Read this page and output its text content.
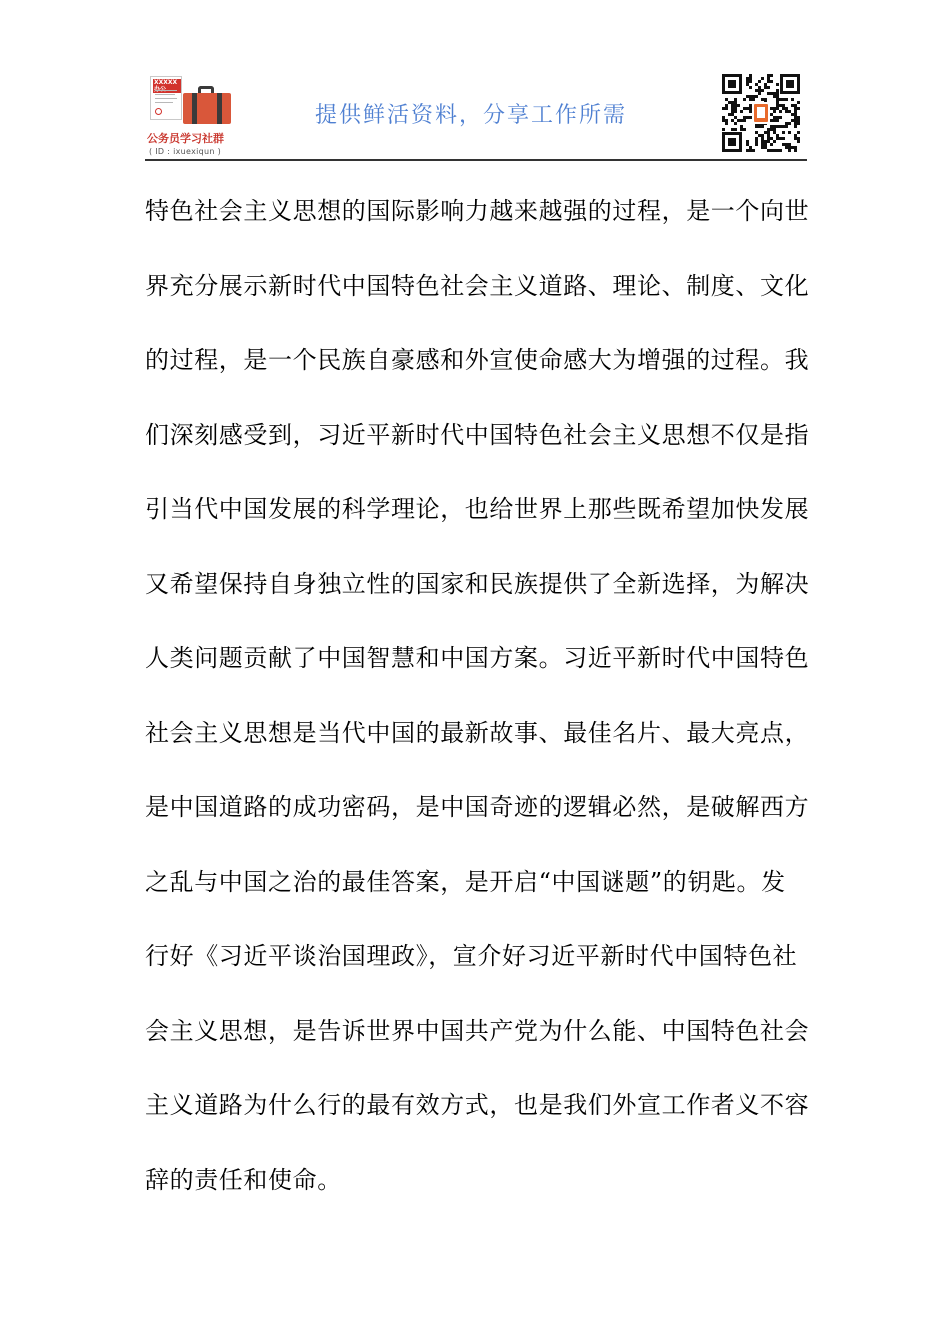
XXXXX
公务员学习社群
( ID : ixuexiqun )
提供鲜活资料，分享工作所需
特色社会主义思想的国际影响力越来越强的过程，是一个向世
界充分展示新时代中国特色社会主义道路、理论、制度、文化
的过程，是一个民族自豪感和外宣使命感大为增强的过程。我
们深刻感受到，习近平新时代中国特色社会主义思想不仅是指
引当代中国发展的科学理论，也给世界上那些既希望加快发展
又希望保持自身独立性的国家和民族提供了全新选择，为解决
人类问题贡献了中国智慧和中国方案。习近平新时代中国特色
社会主义思想是当代中国的最新故事、最佳名片、最大亮点，
是中国道路的成功密码，是中国奇迹的逻辑必然，是破解西方
之乱与中国之治的最佳答案，是开启“中国谜题”的钥匙。发
行好《习近平谈治国理政》，宣介好习近平新时代中国特色社
会主义思想，是告诉世界中国共产党为什么能、中国特色社会
主义道路为什么行的最有效方式，也是我们外宣工作者义不容
辞的责任和使命。
